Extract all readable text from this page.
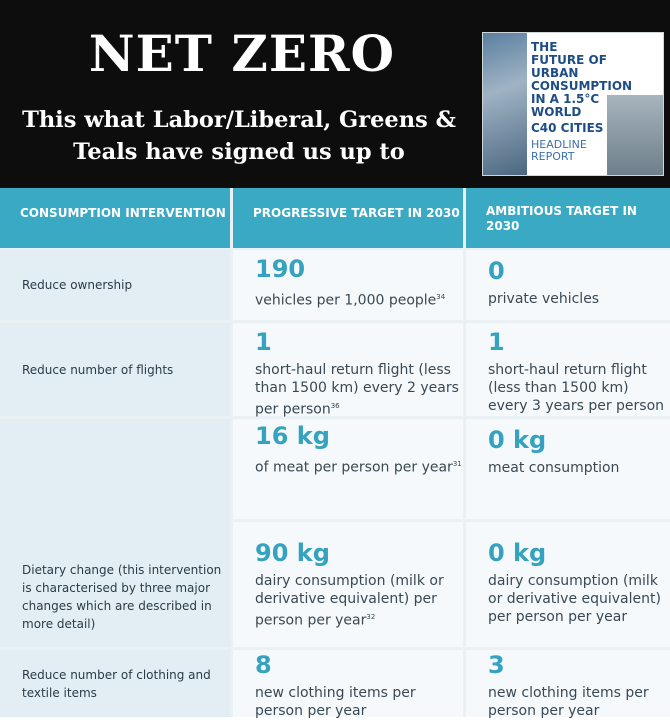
NET ZERO
This what Labor/Liberal, Greens & Teals have signed us up to
THE FUTURE OF URBAN CONSUMPTION IN A 1.5°C WORLD
C40 CITIES
HEADLINE REPORT
CONSUMPTION INTERVENTION	PROGRESSIVE TARGET IN 2030	AMBITIOUS TARGET IN 2030
Reduce ownership
190
vehicles per 1,000 people$^{34}$
0
private vehicles
Reduce number of flights
1
short-haul return flight (less than 1500 km) every 2 years per person$^{36}$
1
short-haul return flight (less than 1500 km) every 3 years per person
Dietary change (this intervention is characterised by three major changes which are described in more detail)
16 kg
of meat per person per year$^{31}$
0 kg
meat consumption
90 kg
dairy consumption (milk or derivative equivalent) per person per year$^{32}$
0 kg
dairy consumption (milk or derivative equivalent) per person per year
Reduce number of clothing and textile items
8
new clothing items per person per year
3
new clothing items per person per year
